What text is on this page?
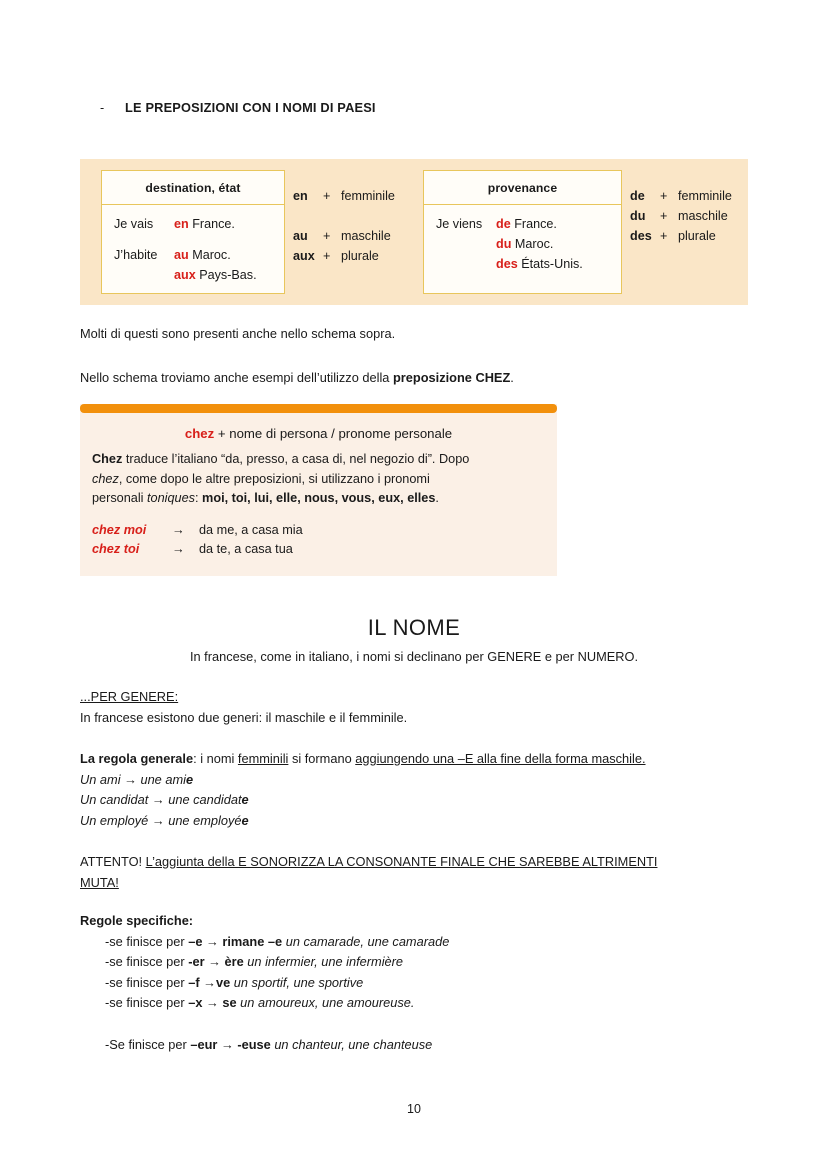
-	LE PREPOSIZIONI CON I NOMI DI PAESI
destination, état
Je vais	en France.
J’habite	au Maroc.
aux Pays-Bas.
en	+ femminile
au	+ maschile
aux + plurale
provenance
Je viens	de France.
du Maroc.
des États-Unis.
de	+ femminile
du	+ maschile
des + plurale
Molti di questi sono presenti anche nello schema sopra.
Nello schema troviamo anche esempi dell’utilizzo della preposizione CHEZ.
chez + nome di persona / pronome personale
Chez traduce l’italiano “da, presso, a casa di, nel negozio di”. Dopo
chez, come dopo le altre preposizioni, si utilizzano i pronomi
personali toniques: moi, toi, lui, elle, nous, vous, eux, elles.
chez moi	→	da me, a casa mia
chez toi	→	da te, a casa tua
IL NOME
In francese, come in italiano, i nomi si declinano per GENERE e per NUMERO.
...PER GENERE:
In francese esistono due generi: il maschile e il femminile.
La regola generale: i nomi femminili si formano aggiungendo una –E alla fine della forma maschile.
Un ami → une amie
Un candidat → une candidate
Un employé → une employée
ATTENTO! L’aggiunta della E SONORIZZA LA CONSONANTE FINALE CHE SAREBBE ALTRIMENTI
MUTA!
Regole specifiche:
-se finisce per –e → rimane –e un camarade, une camarade
-se finisce per -er → ère un infermier, une infermière
-se finisce per –f →ve un sportif, une sportive
-se finisce per –x → se un amoureux, une amoureuse.
-Se finisce per –eur → -euse un chanteur, une chanteuse
10
